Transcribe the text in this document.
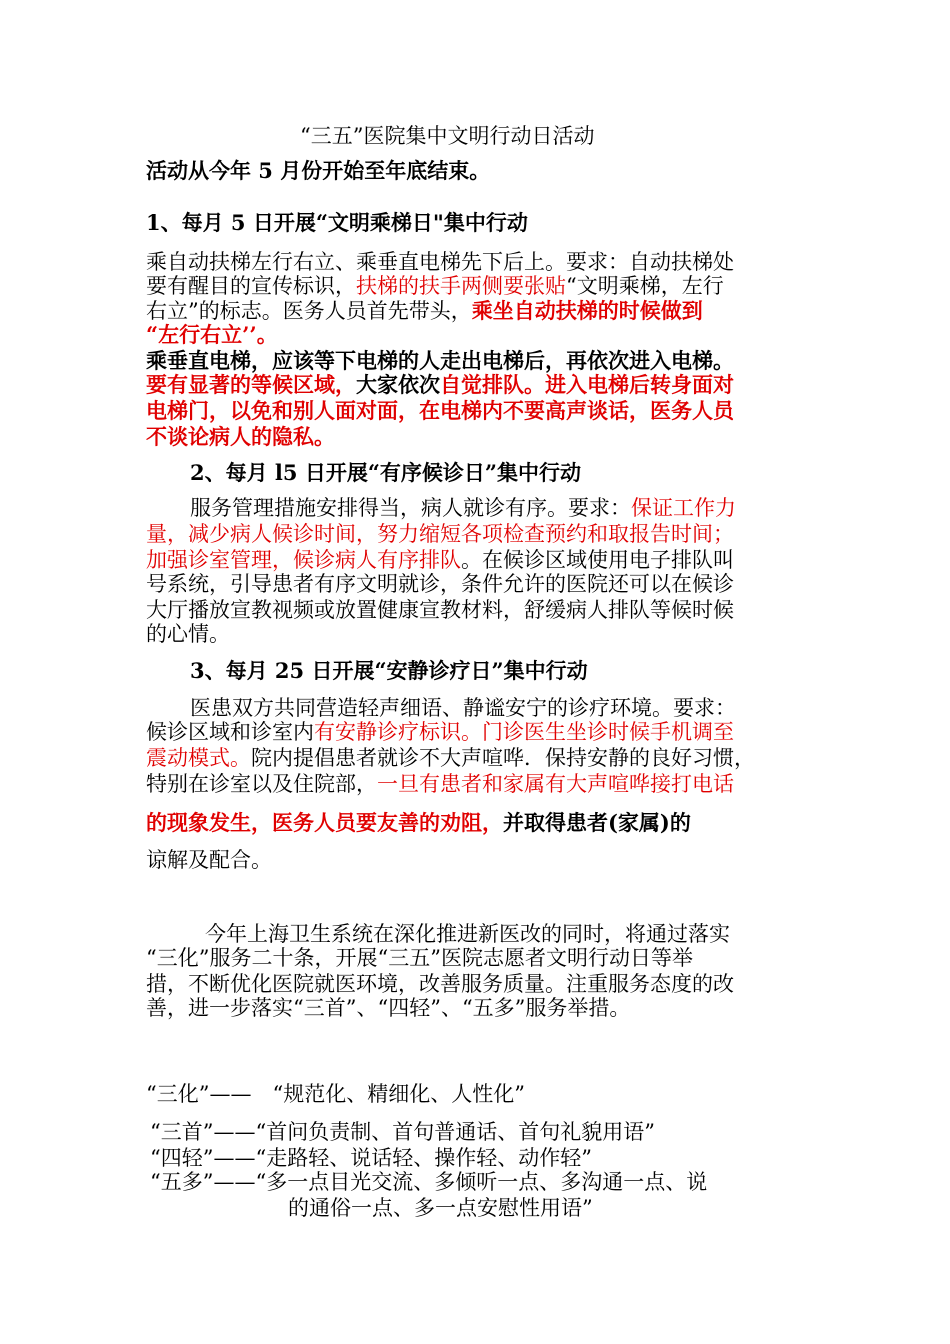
“三五”医院集中文明行动日活动
活动从今年 5 月份开始至年底结束。
1、每月 5 日开展“文明乘梯日"集中行动
乘自动扶梯左行右立、乘垂直电梯先下后上。要求：自动扶梯处
要有醒目的宣传标识，扶梯的扶手两侧要张贴“文明乘梯，左行
右立”的标志。医务人员首先带头，乘坐自动扶梯的时候做到
“左行右立’’。
乘垂直电梯，应该等下电梯的人走出电梯后，再依次进入电梯。
要有显著的等候区域，大家依次自觉排队。进入电梯后转身面对
电梯门，以免和别人面对面，在电梯内不要高声谈话，医务人员
不谈论病人的隐私。
2、每月 l5 日开展“有序候诊日”集中行动
服务管理措施安排得当，病人就诊有序。要求：保证工作力
量，减少病人候诊时间，努力缩短各项检查预约和取报告时间；
加强诊室管理，候诊病人有序排队。在候诊区域使用电子排队叫
号系统，引导患者有序文明就诊，条件允许的医院还可以在候诊
大厅播放宣教视频或放置健康宣教材料，舒缓病人排队等候时候
的心情。
3、每月 25 日开展“安静诊疗日”集中行动
医患双方共同营造轻声细语、静谧安宁的诊疗环境。要求：
候诊区域和诊室内有安静诊疗标识。门诊医生坐诊时候手机调至
震动模式。院内提倡患者就诊不大声喧哗．保持安静的良好习惯，
特别在诊室以及住院部，一旦有患者和家属有大声喧哗接打电话
的现象发生，医务人员要友善的劝阻，并取得患者(家属)的
谅解及配合。
今年上海卫生系统在深化推进新医改的同时，将通过落实
“三化”服务二十条，开展“三五”医院志愿者文明行动日等举
措，不断优化医院就医环境，改善服务质量。注重服务态度的改
善，进一步落实“三首”、“四轻”、“五多”服务举措。
“三化”——　“规范化、精细化、人性化”
“三首”——“首问负责制、首句普通话、首句礼貌用语”
“四轻”——“走路轻、说话轻、操作轻、动作轻”
“五多”——“多一点目光交流、多倾听一点、多沟通一点、说
的通俗一点、多一点安慰性用语”
